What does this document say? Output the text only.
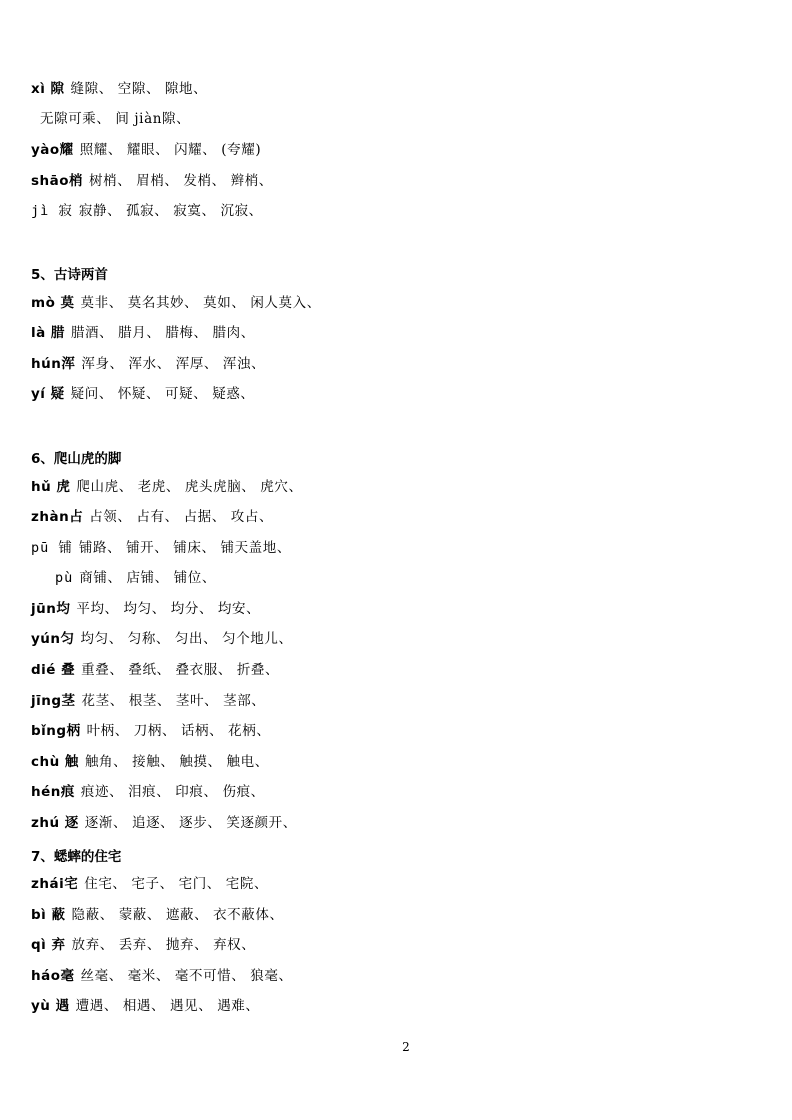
xì 隙 缝隙、 空隙、 隙地、
无隙可乘、 间 jiàn隙、
yào耀 照耀、 耀眼、 闪耀、 (夸耀)
shāo梢 树梢、 眉梢、 发梢、 辫梢、
jì 寂 寂静、 孤寂、 寂寞、 沉寂、
5、古诗两首
mò 莫 莫非、 莫名其妙、 莫如、 闲人莫入、
là 腊 腊酒、 腊月、 腊梅、 腊肉、
hún浑 浑身、 浑水、 浑厚、 浑浊、
yí 疑 疑问、 怀疑、 可疑、 疑惑、
6、爬山虎的脚
hǔ 虎 爬山虎、 老虎、 虎头虎脑、 虎穴、
zhàn占 占领、 占有、 占据、 攻占、
pū 铺 铺路、 铺开、 铺床、 铺天盖地、
pù 商铺、 店铺、 铺位、
jūn均 平均、 均匀、 均分、 均安、
yún匀 均匀、 匀称、 匀出、 匀个地儿、
dié 叠 重叠、 叠纸、 叠衣服、 折叠、
jīng茎 花茎、 根茎、 茎叶、 茎部、
bǐng柄 叶柄、 刀柄、 话柄、 花柄、
chù 触 触角、 接触、 触摸、 触电、
hén痕 痕迹、 泪痕、 印痕、 伤痕、
zhú 逐 逐渐、 追逐、 逐步、 笑逐颜开、
7、蟋蟀的住宅
zhái宅 住宅、 宅子、 宅门、 宅院、
bì 蔽 隐蔽、 蒙蔽、 遮蔽、 衣不蔽体、
qì 弃 放弃、 丢弃、 抛弃、 弃权、
háo毫 丝毫、 毫米、 毫不可惜、 狼毫、
yù 遇 遭遇、 相遇、 遇见、 遇难、
2
